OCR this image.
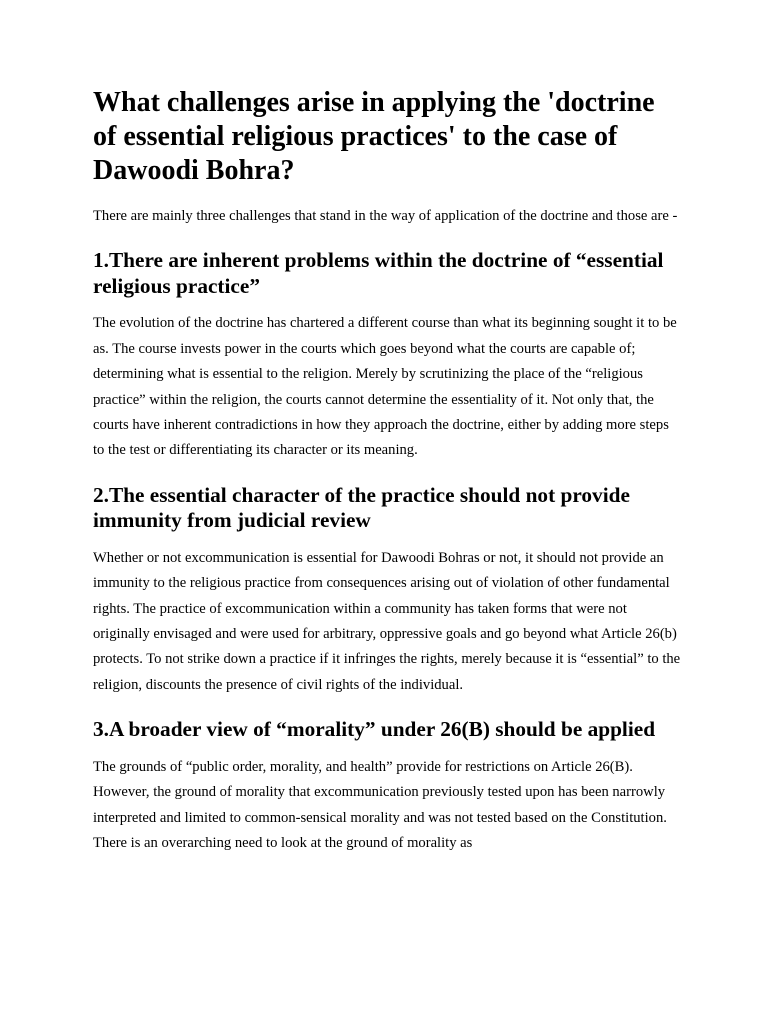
What challenges arise in applying the 'doctrine of essential religious practices' to the case of Dawoodi Bohra?

There are mainly three challenges that stand in the way of application of the doctrine and those are -

1.There are inherent problems within the doctrine of “essential religious practice”

The evolution of the doctrine has chartered a different course than what its beginning sought it to be as. The course invests power in the courts which goes beyond what the courts are capable of; determining what is essential to the religion. Merely by scrutinizing the place of the “religious practice” within the religion, the courts cannot determine the essentiality of it. Not only that, the courts have inherent contradictions in how they approach the doctrine, either by adding more steps to the test or differentiating its character or its meaning.

2.The essential character of the practice should not provide immunity from judicial review

Whether or not excommunication is essential for Dawoodi Bohras or not, it should not provide an immunity to the religious practice from consequences arising out of violation of other fundamental rights. The practice of excommunication within a community has taken forms that were not originally envisaged and were used for arbitrary, oppressive goals and go beyond what Article 26(b) protects. To not strike down a practice if it infringes the rights, merely because it is “essential” to the religion, discounts the presence of civil rights of the individual.

3.A broader view of “morality” under 26(B) should be applied

The grounds of “public order, morality, and health” provide for restrictions on Article 26(B). However, the ground of morality that excommunication previously tested upon has been narrowly interpreted and limited to common-sensical morality and was not tested based on the Constitution. There is an overarching need to look at the ground of morality as
